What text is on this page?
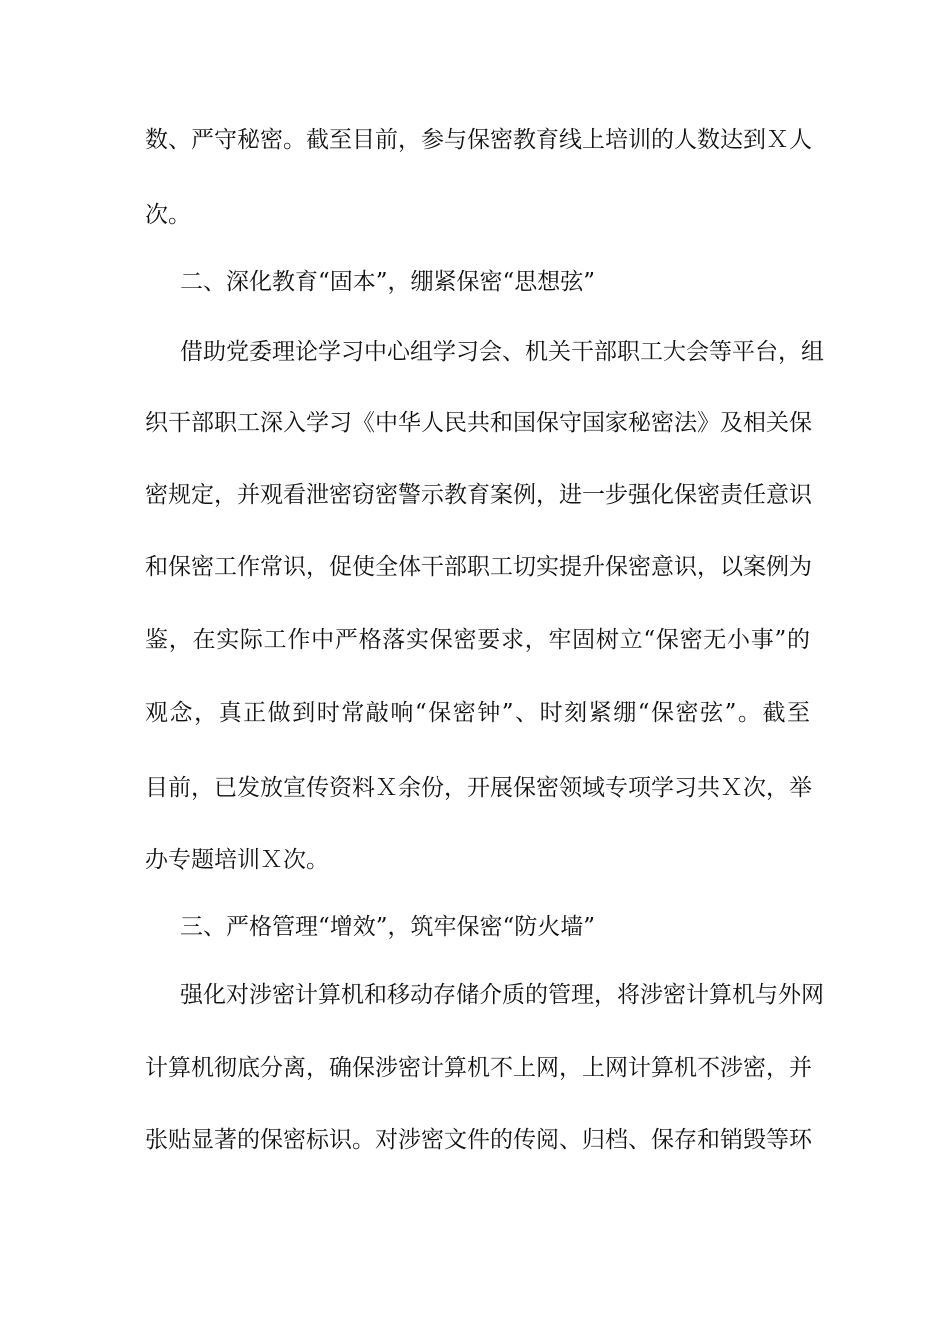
数、严守秘密。截至目前，参与保密教育线上培训的人数达到Ｘ人
次。
二、深化教育“固本”，绷紧保密“思想弦”
借助党委理论学习中心组学习会、机关干部职工大会等平台，组
织干部职工深入学习《中华人民共和国保守国家秘密法》及相关保
密规定，并观看泄密窃密警示教育案例，进一步强化保密责任意识
和保密工作常识，促使全体干部职工切实提升保密意识，以案例为
鉴，在实际工作中严格落实保密要求，牢固树立“保密无小事”的
观念，真正做到时常敲响“保密钟”、时刻紧绷“保密弦”。截至
目前，已发放宣传资料Ｘ余份，开展保密领域专项学习共Ｘ次，举
办专题培训Ｘ次。
三、严格管理“增效”，筑牢保密“防火墙”
强化对涉密计算机和移动存储介质的管理，将涉密计算机与外网
计算机彻底分离，确保涉密计算机不上网，上网计算机不涉密，并
张贴显著的保密标识。对涉密文件的传阅、归档、保存和销毁等环
